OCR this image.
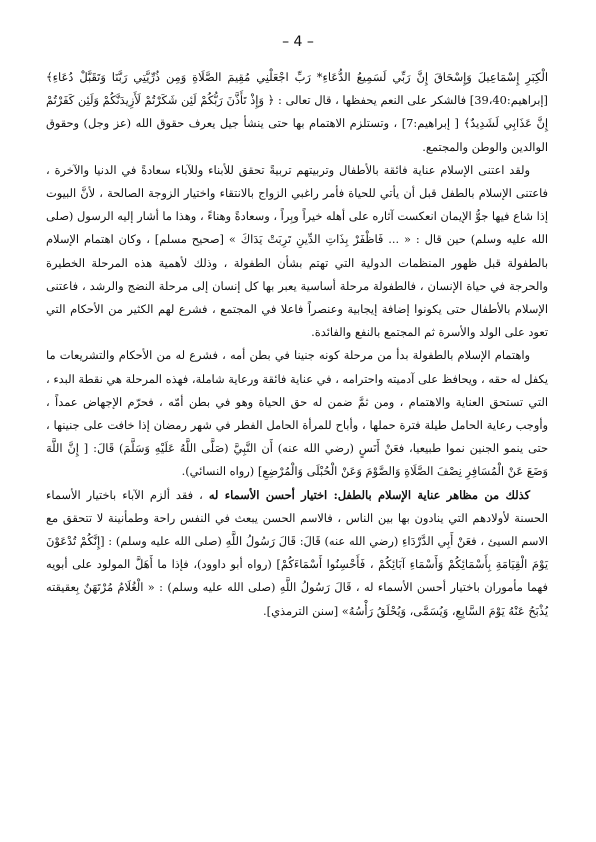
– 4 –

الْكِبَرِ إِسْمَاعِيلَ وَإِسْحَاقَ إِنَّ رَبِّي لَسَمِيعُ الدُّعَاءِ* رَبِّ اجْعَلْنِي مُقِيمَ الصَّلَاةِ وَمِن ذُرِّيَّتِي رَبَّنَا وَتَقَبَّلْ دُعَاءِ﴾ [إبراهيم:39،40] فالشكر على النعم يحفظها ، قال تعالى : ﴿ وَإِذْ تَأَذَّنَ رَبُّكُمْ لَئِن شَكَرْتُمْ لَأَزِيدَنَّكُمْ وَلَئِن كَفَرْتُمْ إِنَّ عَذَابِي لَشَدِيدٌ﴾ [ إبراهيم:7] ، وتستلزم الاهتمام بها حتى ينشأ جيل يعرف حقوق الله (عز وجل) وحقوق الوالدين والوطن والمجتمع.

ولقد اعتنى الإسلام عناية فائقة بالأطفال وتربيتهم تربيةً تحقق للأبناء وللآباء سعادةً في الدنيا والآخرة ، فاعتنى الإسلام بالطفل قبل أن يأتي للحياة فأمر راغبي الزواج بالانتقاء واختيار الزوجة الصالحة ، لأنَّ البيوت إذا شاع فيها جوُّ الإيمان انعكست آثاره على أهله خيراً وبِراً ، وسعادةً وهناءً ، وهذا ما أشار إليه الرسول (صلى الله عليه وسلم) حين قال : « ... فَاظْفَرْ بِذَاتِ الدِّينِ تَرِبَتْ يَدَاكَ » [صحيح مسلم] ، وكان اهتمام الإسلام بالطفولة قبل ظهور المنظمات الدولية التي تهتم بشأن الطفولة ، وذلك لأهمية هذه المرحلة الخطيرة والحرجة في حياة الإنسان ، فالطفولة مرحلة أساسية يعبر بها كل إنسان إلى مرحلة النضج والرشد ، فاعتنى الإسلام بالأطفال حتى يكونوا إضافة إيجابية وعنصراً فاعلا في المجتمع ، فشرع لهم الكثير من الأحكام التي تعود على الولد والأسرة ثم المجتمع بالنفع والفائدة.

واهتمام الإسلام بالطفولة بدأ من مرحلة كونه جنينا في بطن أمه ، فشرع له من الأحكام والتشريعات ما يكفل له حقه ، ويحافظ على آدميته واحترامه ، في عناية فائقة ورعاية شاملة، فهذه المرحلة هي نقطة البدء ، التي تستحق العناية والاهتمام ، ومن ثمَّ ضمن له حق الحياة وهو في بطن أمّه ، فحرّم الإجهاض عمداً ، وأوجب رعاية الحامل طيلة فترة حملها ، وأباح للمرأة الحامل الفطر في شهر رمضان إذا خافت على جنينها ، حتى ينمو الجنين نموا طبيعيا، فعَنْ أَنَسٍ (رضي الله عنه) أَن النَّبِيَّ (صَلَّى اللَّهُ عَلَيْهِ وَسَلَّمَ) قَالَ: [ إِنَّ اللَّهَ وَضَعَ عَنْ الْمُسَافِرِ نِصْفَ الصَّلَاةِ وَالصَّوْمَ وَعَنْ الْحُبْلَى وَالْمُرْضِعِ] (رواه النسائي).

كذلك من مظاهر عناية الإسلام بالطفل: اختيار أحسن الأسماء له ، فقد ألزم الآباء باختيار الأسماء الحسنة لأولادهم التي ينادون بها بين الناس ، فالاسم الحسن يبعث في النفس راحة وطمأنينة لا تتحقق مع الاسم السيئ ، فعَنْ أَبِي الدَّرْدَاءِ (رضي الله عنه) قَالَ: قَالَ رَسُولُ اللَّهِ (صلى الله عليه وسلم) : [إِنَّكُمْ تُدْعَوْنَ يَوْمَ الْقِيَامَةِ بِأَسْمَائِكُمْ وَأَسْمَاءِ آبَائِكُمْ ، فَأَحْسِنُوا أَسْمَاءَكُمْ] (رواه أبو داوود)، فإذا ما أَهَلَّ المولود على أبويه فهما مأموران باختيار أحسن الأسماء له ، قَالَ رَسُولُ اللَّهِ (صلى الله عليه وسلم) : « الْغُلَامُ مُرْتَهَنٌ بِعقيقته يُذْبَحُ عَنْهُ يَوْمَ السَّابِعِ، وَيُسَمَّى، وَيُحْلَقُ رَأْسُهُ» [سنن الترمذي].
